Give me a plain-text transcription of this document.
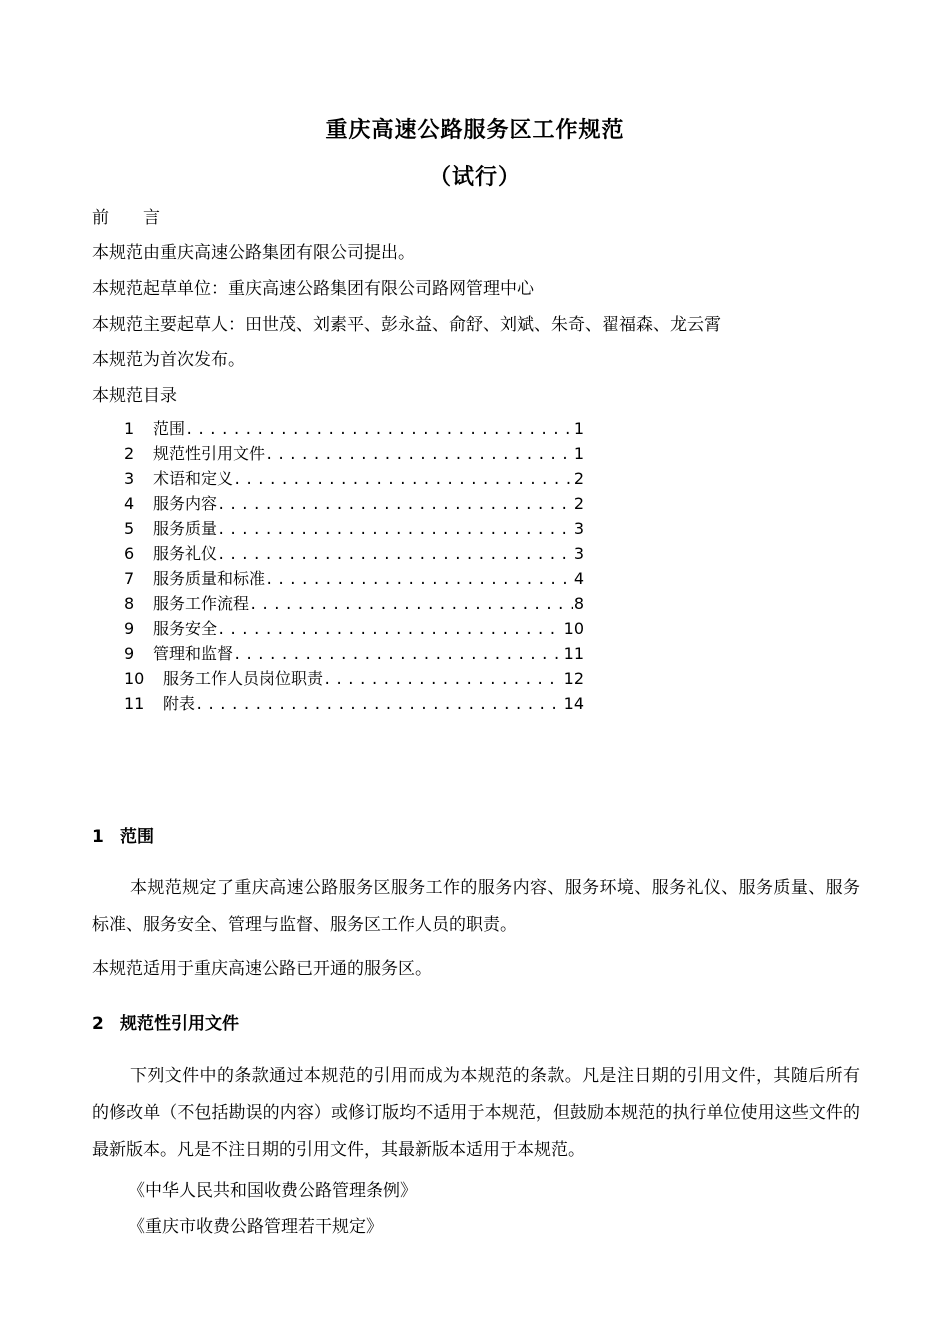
重庆高速公路服务区工作规范
（试行）
前　　言
本规范由重庆高速公路集团有限公司提出。
本规范起草单位：重庆高速公路集团有限公司路网管理中心
本规范主要起草人：田世茂、刘素平、彭永益、俞舒、刘斌、朱奇、翟福森、龙云霄
本规范为首次发布。
本规范目录
1	范围 .....	1
2	规范性引用文件 .....	1
3	术语和定义 .....	2
4	服务内容 .....	2
5	服务质量 .....	3
6	服务礼仪 .....	3
7	服务质量和标准 .....	4
8	服务工作流程 .....	8
9	服务安全 .....	10
9	管理和监督 .....	11
10	服务工作人员岗位职责 .....	12
11	附表 .....	14
1 范围

本规范规定了重庆高速公路服务区服务工作的服务内容、服务环境、服务礼仪、服务质量、服务标准、服务安全、管理与监督、服务区工作人员的职责。

本规范适用于重庆高速公路已开通的服务区。
2 规范性引用文件

下列文件中的条款通过本规范的引用而成为本规范的条款。凡是注日期的引用文件，其随后所有的修改单（不包括勘误的内容）或修订版均不适用于本规范，但鼓励本规范的执行单位使用这些文件的最新版本。凡是不注日期的引用文件，其最新版本适用于本规范。

《中华人民共和国收费公路管理条例》
《重庆市收费公路管理若干规定》
